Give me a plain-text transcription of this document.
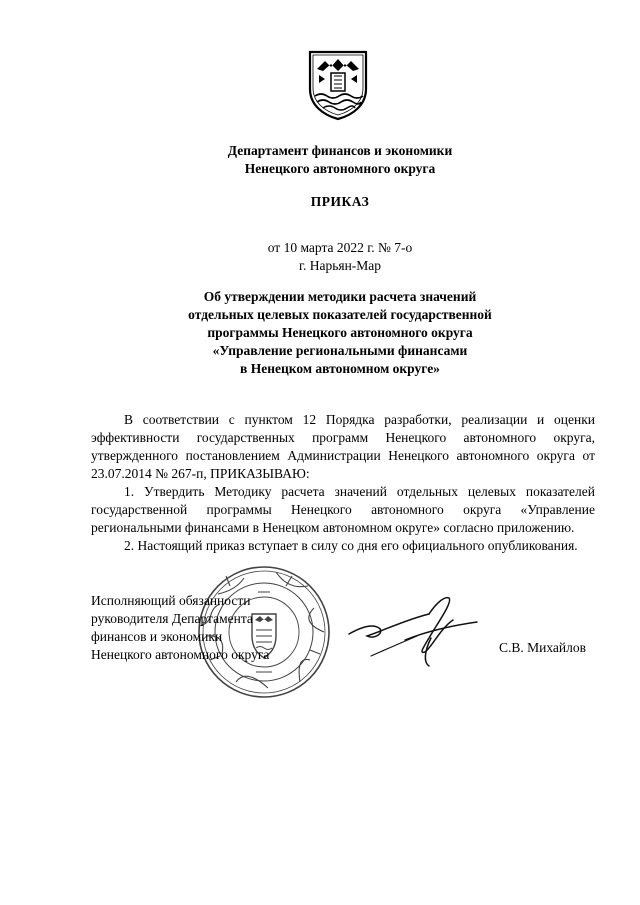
Департамент финансов и экономики
Ненецкого автономного округа
ПРИКАЗ
от 10 марта 2022 г. № 7-о
г. Нарьян-Мар
Об утверждении методики расчета значений
отдельных целевых показателей государственной
программы Ненецкого автономного округа
«Управление региональными финансами
в Ненецком автономном округе»

В соответствии с пунктом 12 Порядка разработки, реализации и оценки эффективности государственных программ Ненецкого автономного округа, утвержденного постановлением Администрации Ненецкого автономного округа от 23.07.2014 № 267-п, ПРИКАЗЫВАЮ:

1. Утвердить Методику расчета значений отдельных целевых показателей государственной программы Ненецкого автономного округа «Управление региональными финансами в Ненецком автономном округе» согласно приложению.

2. Настоящий приказ вступает в силу со дня его официального опубликования.

Исполняющий обязанности
руководителя Департамента
финансов и экономики
Ненецкого автономного округа	С.В. Михайлов
